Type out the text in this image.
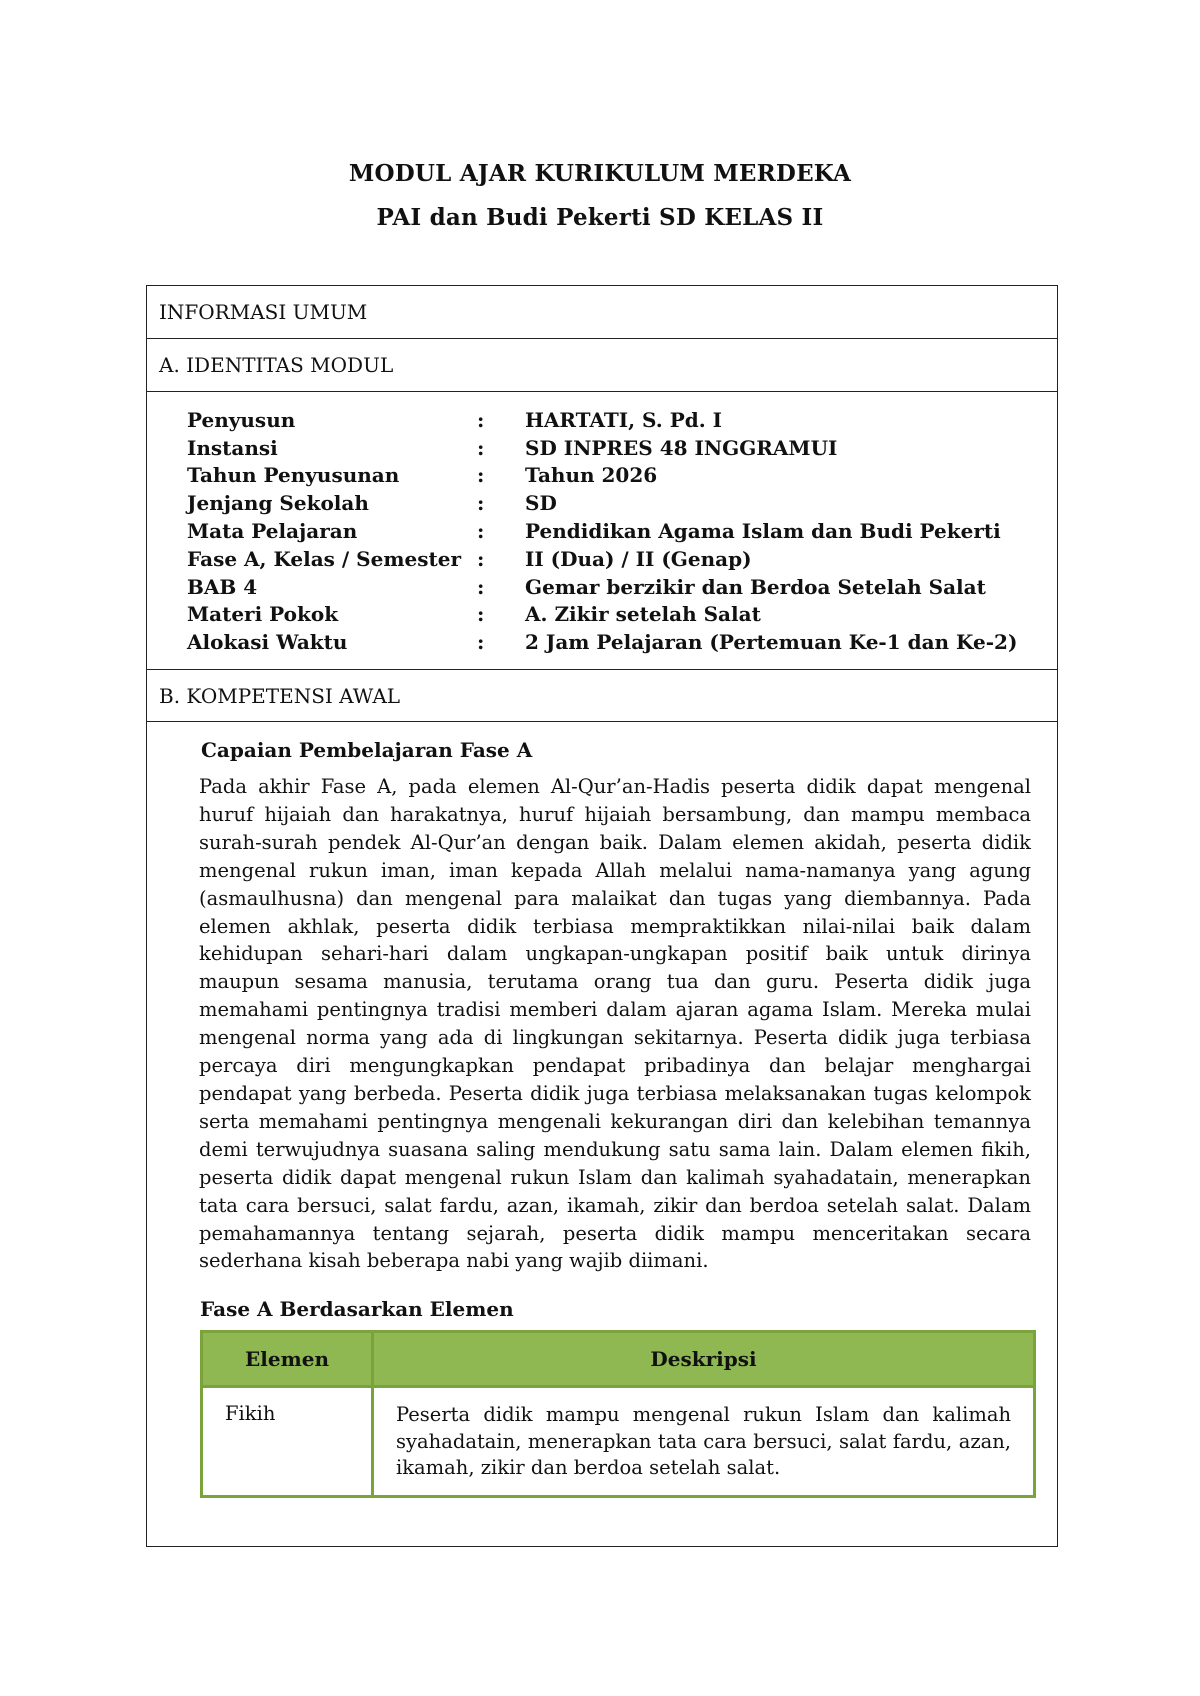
MODUL AJAR KURIKULUM MERDEKA
PAI dan Budi Pekerti SD KELAS II
INFORMASI UMUM
A. IDENTITAS MODUL
Penyusun	:	HARTATI, S. Pd. I
Instansi	:	SD INPRES 48 INGGRAMUI
Tahun Penyusunan	:	Tahun 2026
Jenjang Sekolah	:	SD
Mata Pelajaran	:	Pendidikan Agama Islam dan Budi Pekerti
Fase A, Kelas / Semester :	II (Dua) / II (Genap)
BAB 4	:	Gemar berzikir dan Berdoa Setelah Salat
Materi Pokok	:	A. Zikir setelah Salat
Alokasi Waktu	:	2 Jam Pelajaran (Pertemuan Ke-1 dan Ke-2)
B. KOMPETENSI AWAL
Capaian Pembelajaran Fase A

Pada akhir Fase A, pada elemen Al-Qur’an-Hadis peserta didik dapat mengenal huruf hijaiah dan harakatnya, huruf hijaiah bersambung, dan mampu membaca surah-surah pendek Al-Qur’an dengan baik. Dalam elemen akidah, peserta didik mengenal rukun iman, iman kepada Allah melalui nama-namanya yang agung (asmaulhusna) dan mengenal para malaikat dan tugas yang diembannya. Pada elemen akhlak, peserta didik terbiasa mempraktikkan nilai-nilai baik dalam kehidupan sehari-hari dalam ungkapan-ungkapan positif baik untuk dirinya maupun sesama manusia, terutama orang tua dan guru. Peserta didik juga memahami pentingnya tradisi memberi dalam ajaran agama Islam. Mereka mulai mengenal norma yang ada di lingkungan sekitarnya. Peserta didik juga terbiasa percaya diri mengungkapkan pendapat pribadinya dan belajar menghargai pendapat yang berbeda. Peserta didik juga terbiasa melaksanakan tugas kelompok serta memahami pentingnya mengenali kekurangan diri dan kelebihan temannya demi terwujudnya suasana saling mendukung satu sama lain. Dalam elemen fikih, peserta didik dapat mengenal rukun Islam dan kalimah syahadatain, menerapkan tata cara bersuci, salat fardu, azan, ikamah, zikir dan berdoa setelah salat. Dalam pemahamannya tentang sejarah, peserta didik mampu menceritakan secara sederhana kisah beberapa nabi yang wajib diimani.

Fase A Berdasarkan Elemen
Elemen	Deskripsi
Fikih	Peserta didik mampu mengenal rukun Islam dan kalimah syahadatain, menerapkan tata cara bersuci, salat fardu, azan, ikamah, zikir dan berdoa setelah salat.
